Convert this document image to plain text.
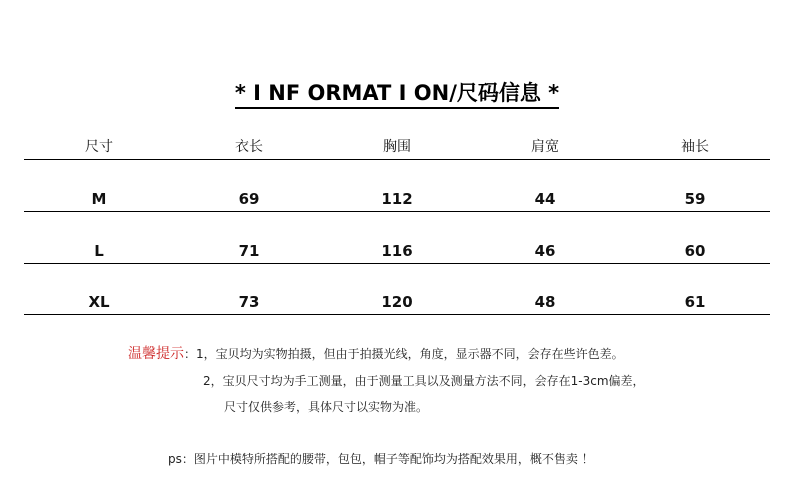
* I NF ORMAT I ON/尺码信息 *
尺寸	衣长	胸围	肩宽	袖长
M	69	112	44	59
L	71	116	46	60
XL	73	120	48	61
温馨提示：1，宝贝均为实物拍摄，但由于拍摄光线，角度，显示器不同，会存在些许色差。
2，宝贝尺寸均为手工测量，由于测量工具以及测量方法不同，会存在1-3cm偏差，
尺寸仅供参考，具体尺寸以实物为准。
ps：图片中模特所搭配的腰带，包包，帽子等配饰均为搭配效果用，概不售卖 ！
